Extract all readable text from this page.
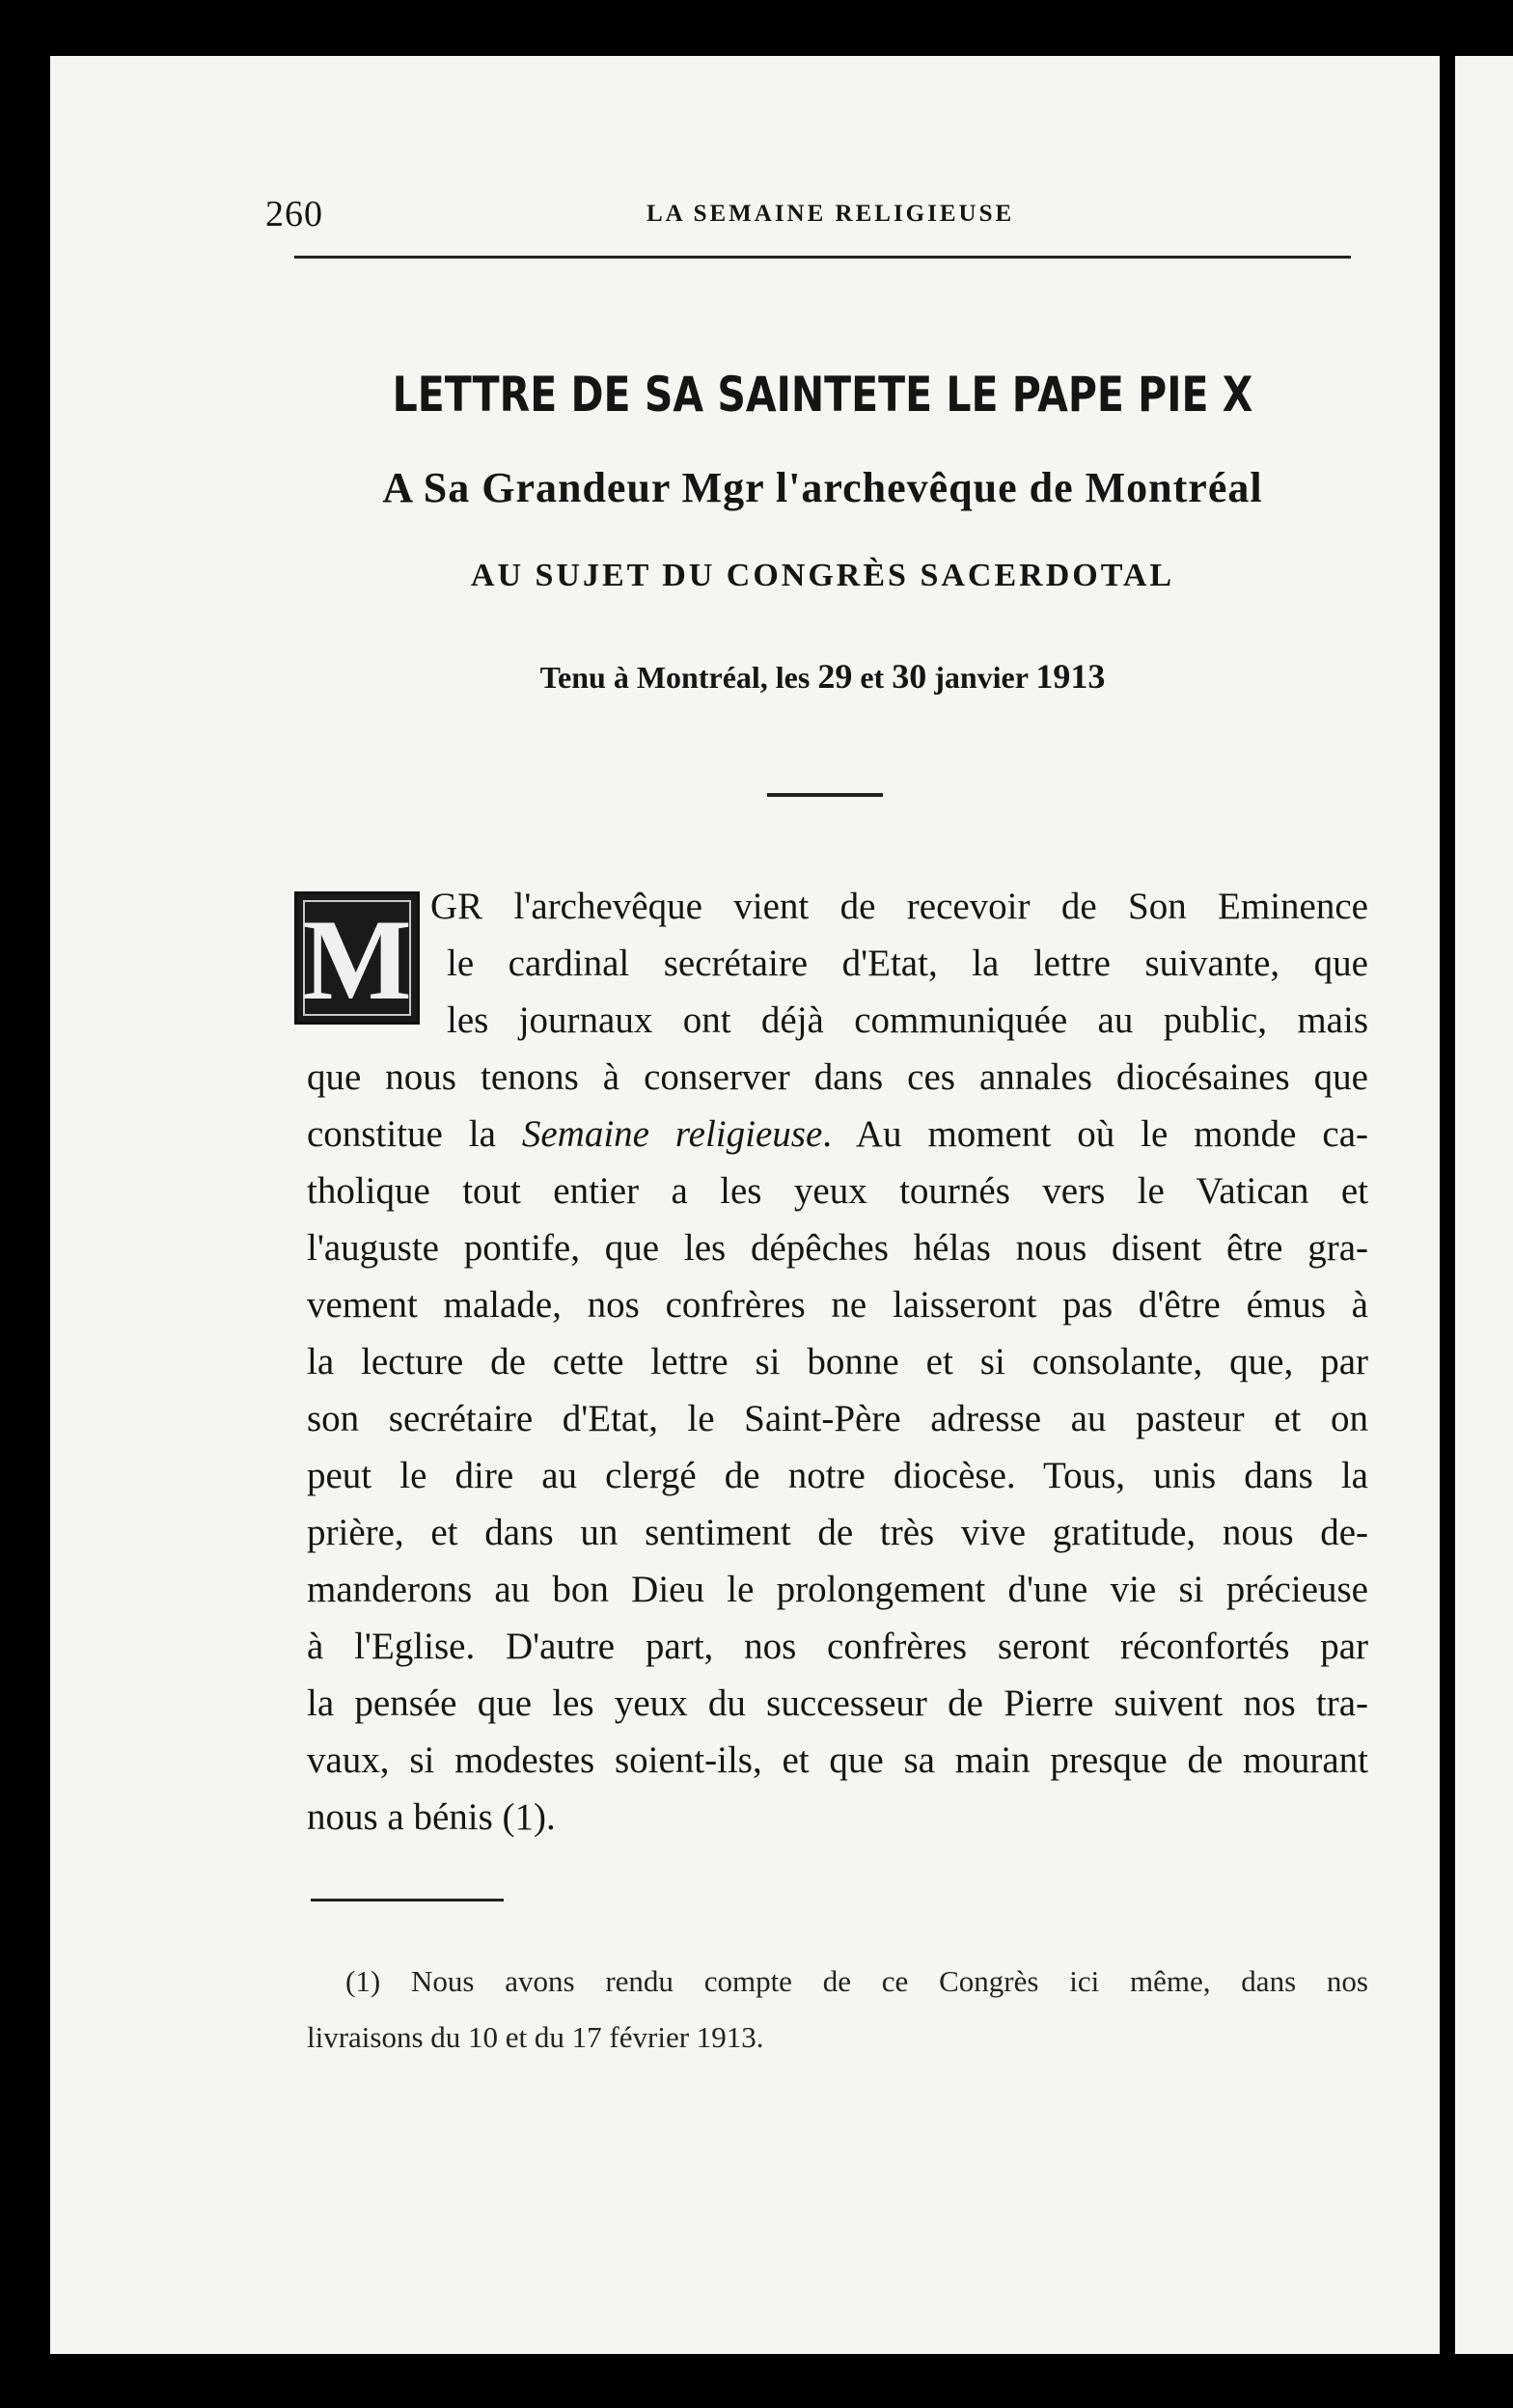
260	LA SEMAINE RELIGIEUSE
LETTRE DE SA SAINTETE LE PAPE PIE X
A Sa Grandeur Mgr l'archevêque de Montréal
AU SUJET DU CONGRÈS SACERDOTAL
Tenu à Montréal, les 29 et 30 janvier 1913
M GR l'archevêque vient de recevoir de Son Eminence
le cardinal secrétaire d'Etat, la lettre suivante, que
les journaux ont déjà communiquée au public, mais
que nous tenons à conserver dans ces annales diocésaines que
constitue la Semaine religieuse. Au moment où le monde ca-
tholique tout entier a les yeux tournés vers le Vatican et
l'auguste pontife, que les dépêches hélas nous disent être gra-
vement malade, nos confrères ne laisseront pas d'être émus à
la lecture de cette lettre si bonne et si consolante, que, par
son secrétaire d'Etat, le Saint-Père adresse au pasteur et on
peut le dire au clergé de notre diocèse. Tous, unis dans la
prière, et dans un sentiment de très vive gratitude, nous de-
manderons au bon Dieu le prolongement d'une vie si précieuse
à l'Eglise. D'autre part, nos confrères seront réconfortés par
la pensée que les yeux du successeur de Pierre suivent nos tra-
vaux, si modestes soient-ils, et que sa main presque de mourant
nous a bénis (1).
(1) Nous avons rendu compte de ce Congrès ici même, dans nos
livraisons du 10 et du 17 février 1913.
